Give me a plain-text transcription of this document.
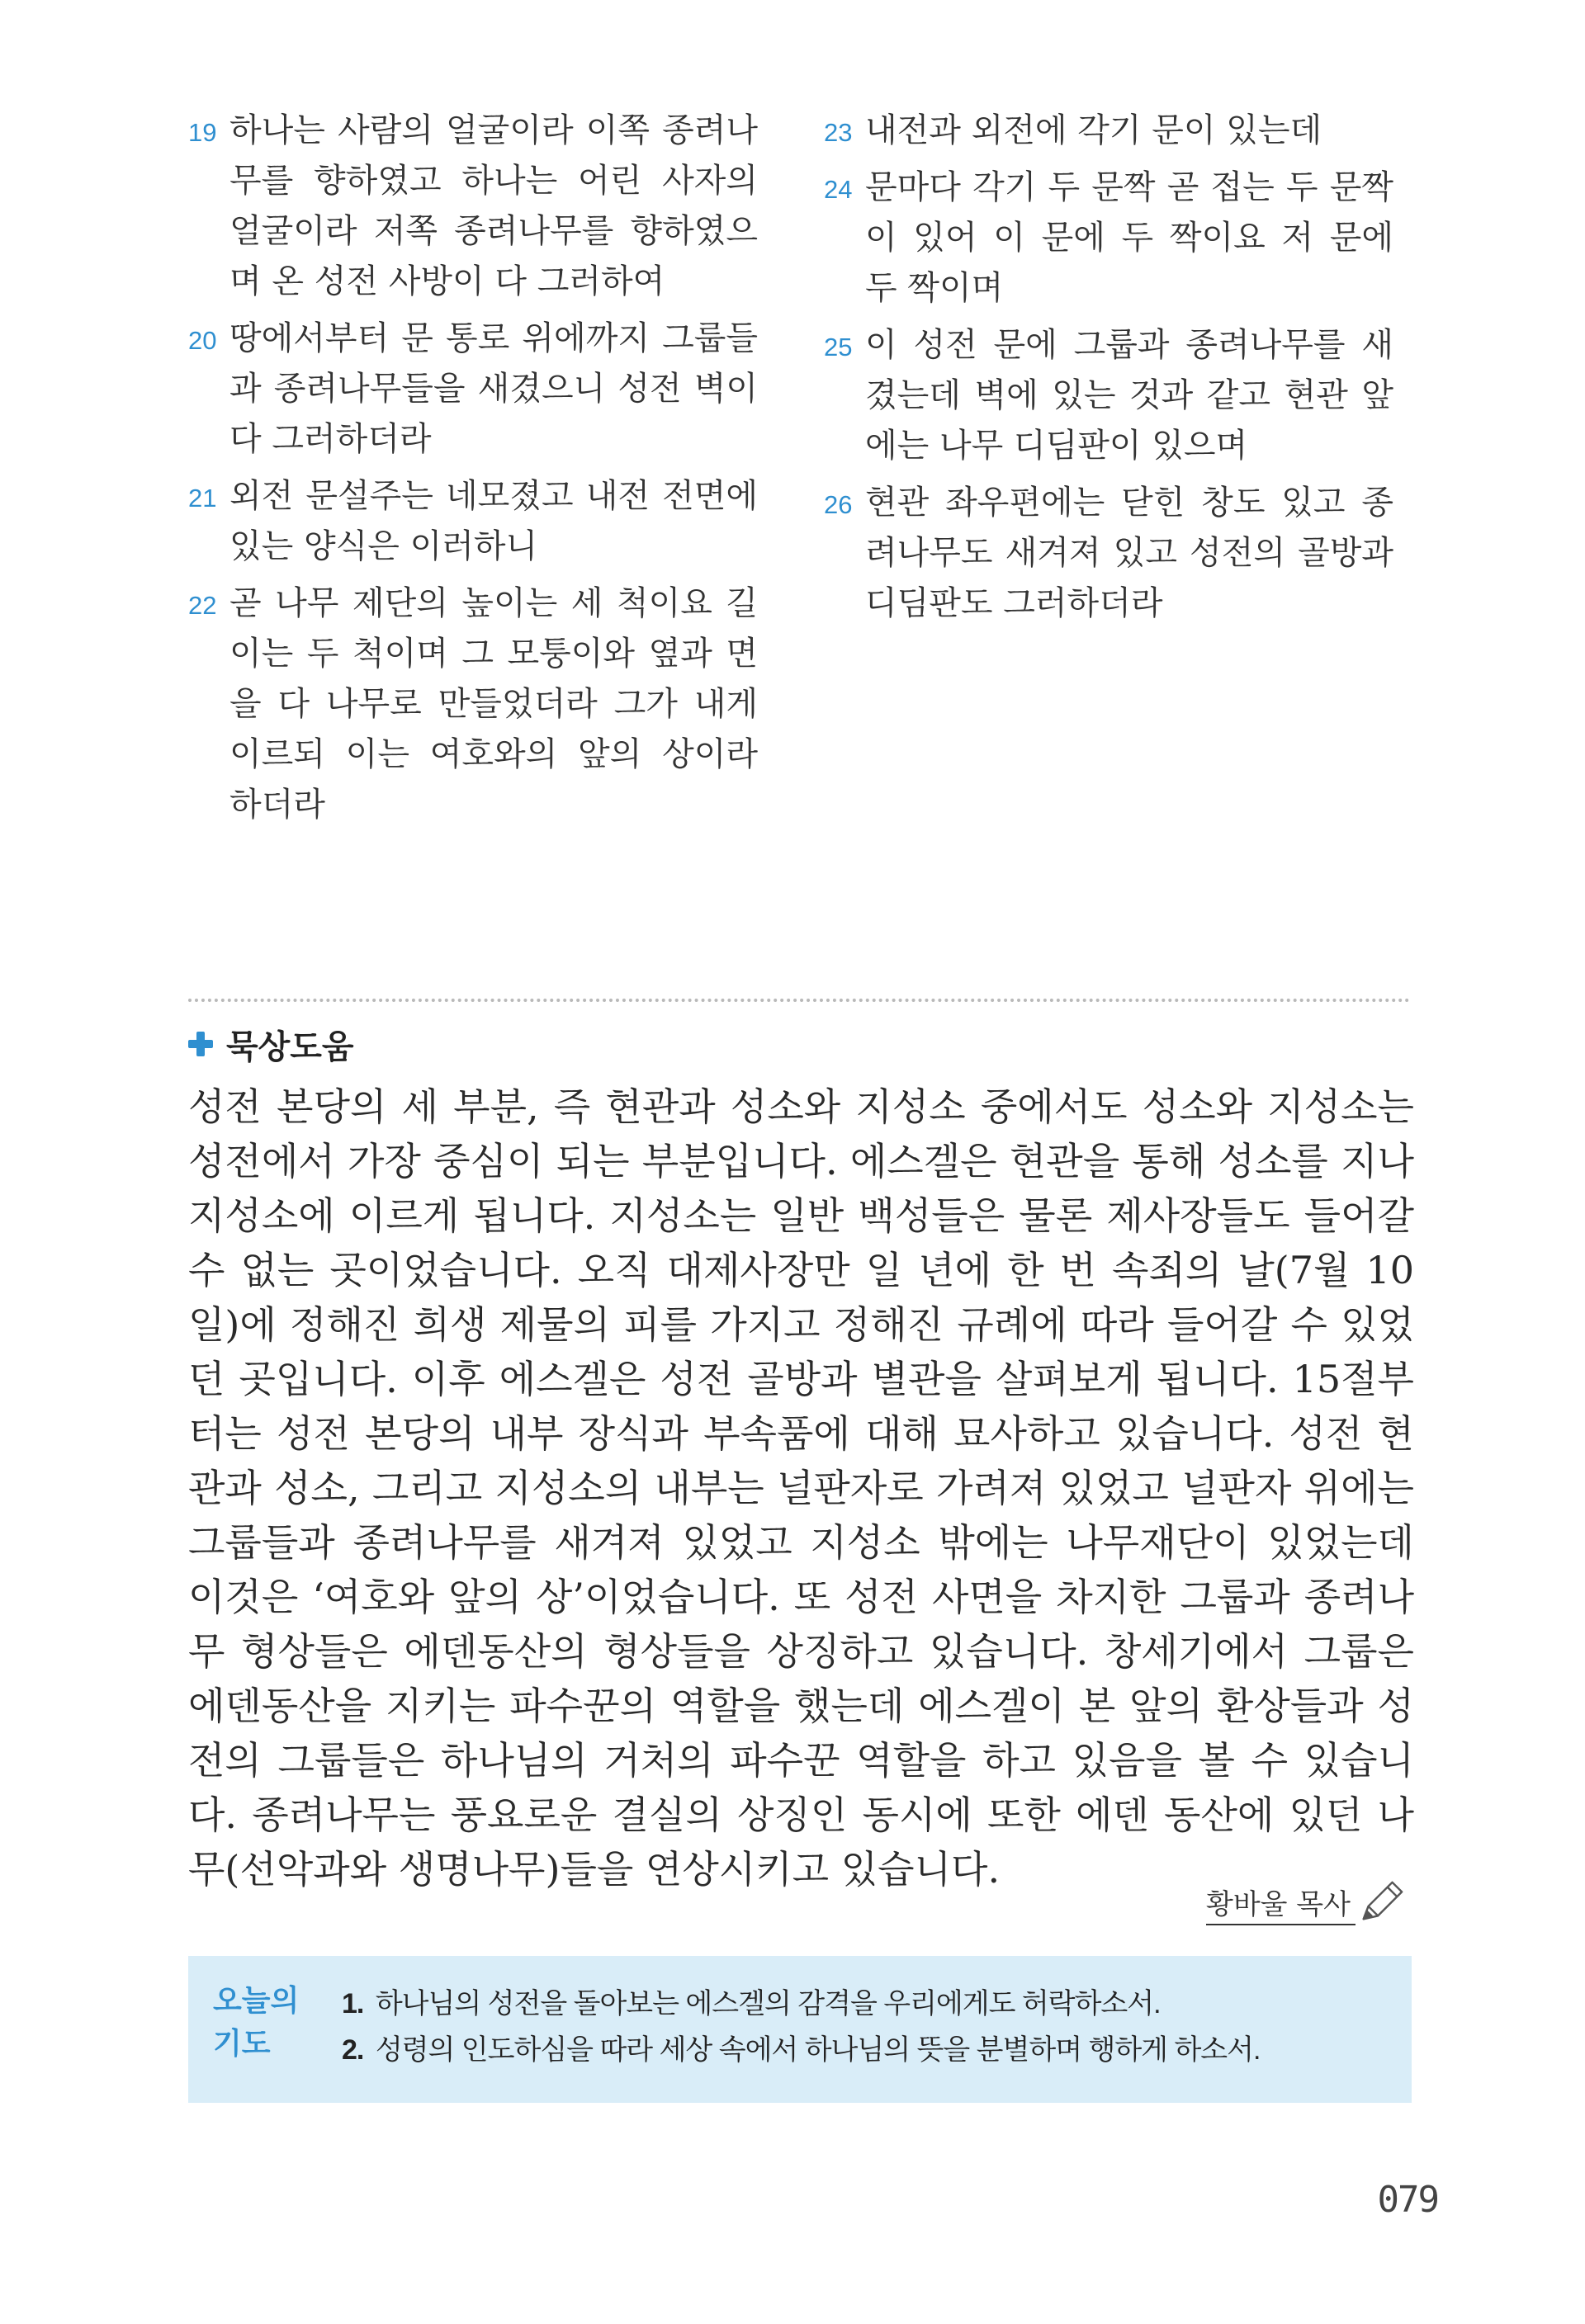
19 하나는 사람의 얼굴이라 이쪽 종려나무를 향하였고 하나는 어린 사자의 얼굴이라 저쪽 종려나무를 향하였으며 온 성전 사방이 다 그러하여
20 땅에서부터 문 통로 위에까지 그룹들과 종려나무들을 새겼으니 성전 벽이 다 그러하더라
21 외전 문설주는 네모졌고 내전 전면에 있는 양식은 이러하니
22 곧 나무 제단의 높이는 세 척이요 길이는 두 척이며 그 모퉁이와 옆과 면을 다 나무로 만들었더라 그가 내게 이르되 이는 여호와의 앞의 상이라 하더라
23 내전과 외전에 각기 문이 있는데
24 문마다 각기 두 문짝 곧 접는 두 문짝이 있어 이 문에 두 짝이요 저 문에 두 짝이며
25 이 성전 문에 그룹과 종려나무를 새겼는데 벽에 있는 것과 같고 현관 앞에는 나무 디딤판이 있으며
26 현관 좌우편에는 닫힌 창도 있고 종려나무도 새겨져 있고 성전의 골방과 디딤판도 그러하더라
묵상도움

성전 본당의 세 부분, 즉 현관과 성소와 지성소 중에서도 성소와 지성소는 성전에서 가장 중심이 되는 부분입니다. 에스겔은 현관을 통해 성소를 지나 지성소에 이르게 됩니다. 지성소는 일반 백성들은 물론 제사장들도 들어갈 수 없는 곳이었습니다. 오직 대제사장만 일 년에 한 번 속죄의 날(7월 10일)에 정해진 희생 제물의 피를 가지고 정해진 규례에 따라 들어갈 수 있었던 곳입니다. 이후 에스겔은 성전 골방과 별관을 살펴보게 됩니다. 15절부터는 성전 본당의 내부 장식과 부속품에 대해 묘사하고 있습니다. 성전 현관과 성소, 그리고 지성소의 내부는 널판자로 가려져 있었고 널판자 위에는 그룹들과 종려나무를 새겨져 있었고 지성소 밖에는 나무재단이 있었는데 이것은 ‘여호와 앞의 상’이었습니다. 또 성전 사면을 차지한 그룹과 종려나무 형상들은 에덴동산의 형상들을 상징하고 있습니다. 창세기에서 그룹은 에덴동산을 지키는 파수꾼의 역할을 했는데 에스겔이 본 앞의 환상들과 성전의 그룹들은 하나님의 거처의 파수꾼 역할을 하고 있음을 볼 수 있습니다. 종려나무는 풍요로운 결실의 상징인 동시에 또한 에덴 동산에 있던 나무(선악과와 생명나무)들을 연상시키고 있습니다.

황바울 목사
오늘의
기도
1. 하나님의 성전을 돌아보는 에스겔의 감격을 우리에게도 허락하소서.
2. 성령의 인도하심을 따라 세상 속에서 하나님의 뜻을 분별하며 행하게 하소서.
079
